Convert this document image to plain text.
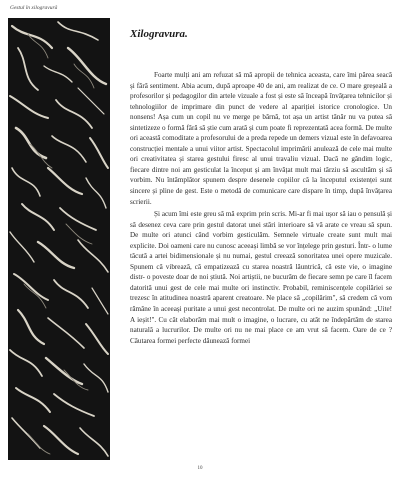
Gestul în xilogravură
Xilogravura.

Foarte mulți ani am refuzat să mă apropii de tehnica aceasta, care îmi părea seacă și fără sentiment. Abia acum, după aproape 40 de ani, am realizat de ce. O mare greșeală a profesorilor și pedagogilor din artele vizuale a fost și este să înceapă învățarea tehnicilor și tehnologiilor de imprimare din punct de vedere al apariției istorice cronologice. Un nonsens! Așa cum un copil nu ve merge pe bărnă, tot așa un artist tânăr nu va putea să sintetizeze o formă fără să știe cum arată și cum poate fi reprezentată acea formă. De multe ori această comoditate a profesorului de a preda repede un demers vizual este în defavoarea construcției mentale a unui viitor artist. Spectacolul imprimării anulează de cele mai multe ori creativitatea și starea gestului firesc al unui travaliu vizual. Dacă ne gândim logic, fiecare dintre noi am gesticulat la început și am învățat mult mai târziu să ascultăm și să vorbim. Nu întâmplător spunem despre desenele copiilor că la începutul existenței sunt sincere și pline de gest. Este o metodă de comunicare care dispare în timp, după învățarea scrierii.

Și acum îmi este greu să mă exprim prin scris. Mi-ar fi mai ușor să iau o pensulă și să desenez ceva care prin gestul datorat unei stări interioare să vă arate ce vreau să spun. De multe ori atunci când vorbim gesticulăm. Semnele virtuale create sunt mult mai explicite. Doi oameni care nu cunosc aceeași limbă se vor înțelege prin gesturi. Într- o lume tăcută a artei bidimensionale și nu numai, gestul creează sonoritatea unei opere muzicale. Spunem că vibrează, că empatizează cu starea noastră lăuntrică, că este vie, o imagine distr- o poveste doar de noi știută. Noi artiștii, ne bucurăm de fiecare semn pe care îl facem datorită unui gest de cele mai multe ori instinctiv. Probabil, reminiscențele copilăriei se trezesc în atitudinea noastră aparent creatoare. Ne place să „copilărim", să credem că vom rămâne în aceeași puritate a unui gest necontrolat. De multe ori ne auzim spunând: „Uite! A ieșit!". Cu cât elaborăm mai mult o imagine, o lucrare, cu atât ne îndepărtăm de starea naturală a lucrurilor. De multe ori nu ne mai place ce am vrut să facem. Oare de ce ? Căutarea formei perfecte dăunează formei

10
